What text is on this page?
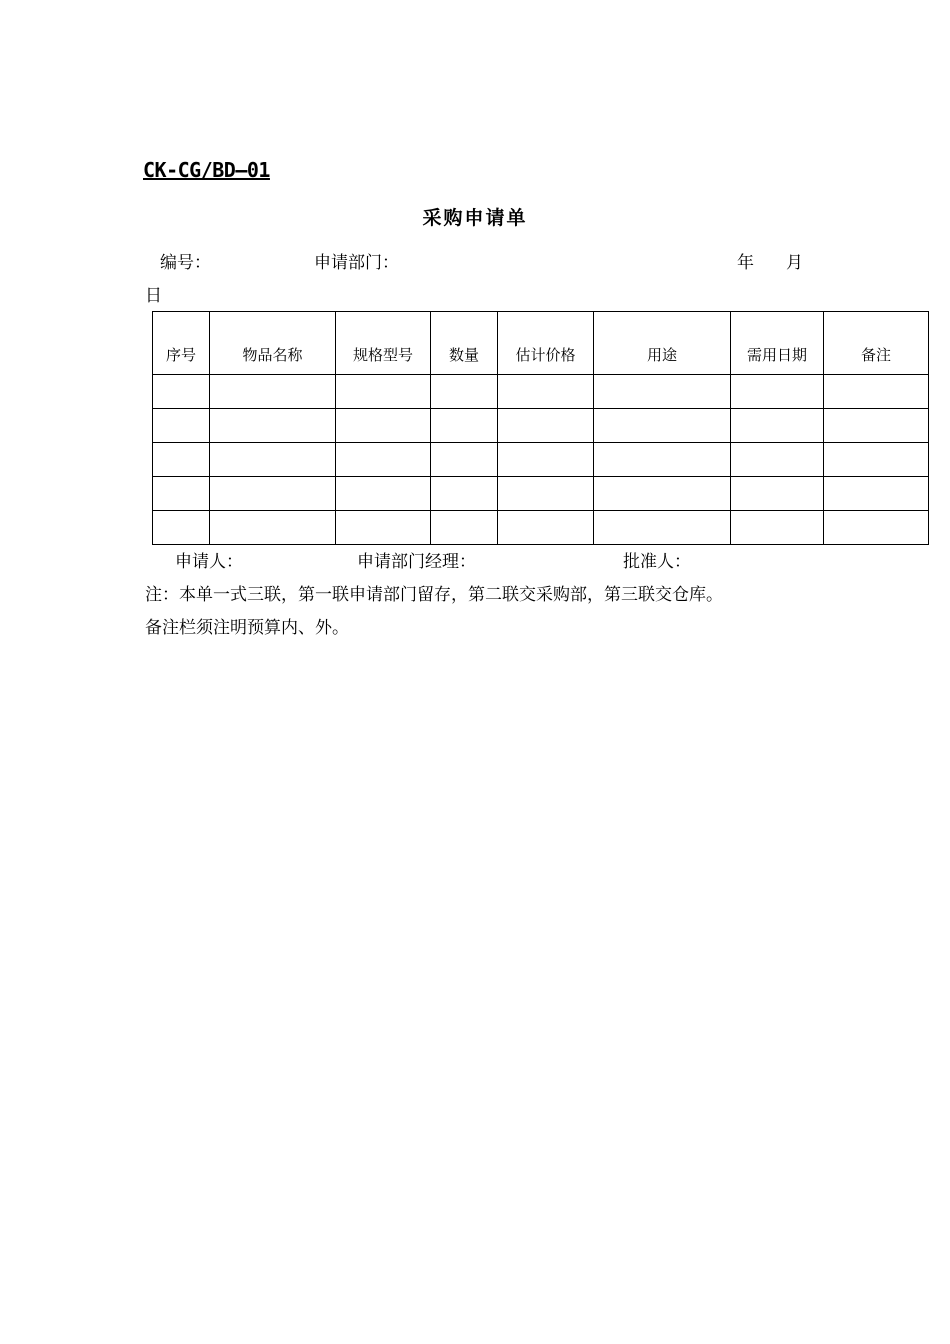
CK-CG/BD—01
采购申请单
编号：	申请部门：	年 月
日
序号	物品名称	规格型号	数量	估计价格	用途	需用日期	备注

申请人：	申请部门经理：	批准人：
注：本单一式三联，第一联申请部门留存，第二联交采购部，第三联交仓库。
备注栏须注明预算内、外。
